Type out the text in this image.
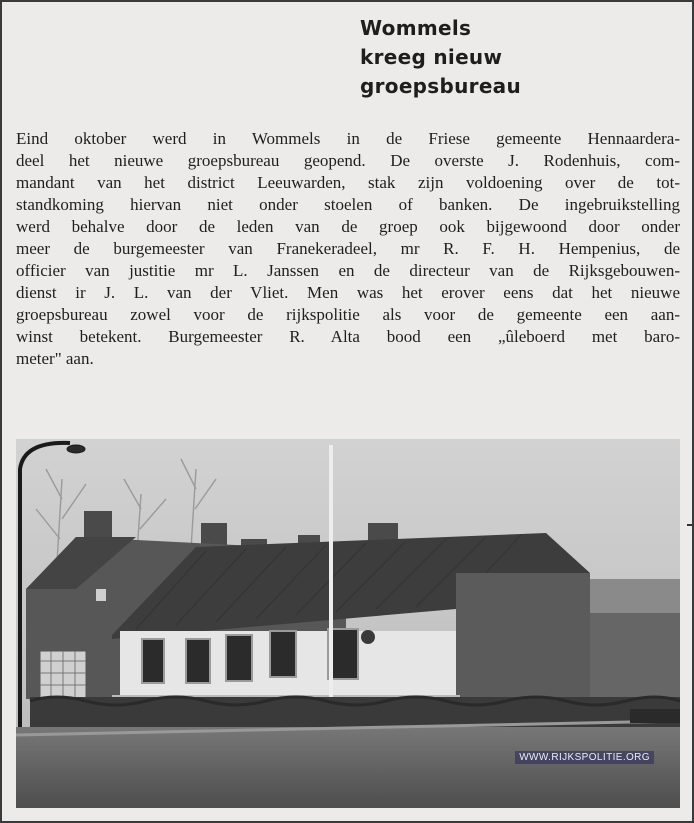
Wommels
kreeg nieuw
groepsbureau
Eind oktober werd in Wommels in de Friese gemeente Hennaardera-
deel het nieuwe groepsbureau geopend. De overste J. Rodenhuis, com-
mandant van het district Leeuwarden, stak zijn voldoening over de tot-
standkoming hiervan niet onder stoelen of banken. De ingebruikstelling
werd behalve door de leden van de groep ook bijgewoond door onder
meer de burgemeester van Franekeradeel, mr R. F. H. Hempenius, de
officier van justitie mr L. Janssen en de directeur van de Rijksgebouwen-
dienst ir J. L. van der Vliet. Men was het erover eens dat het nieuwe
groepsbureau zowel voor de rijkspolitie als voor de gemeente een aan-
winst betekent. Burgemeester R. Alta bood een „ûleboerd met baro-
meter" aan.
WWW.RIJKSPOLITIE.ORG
